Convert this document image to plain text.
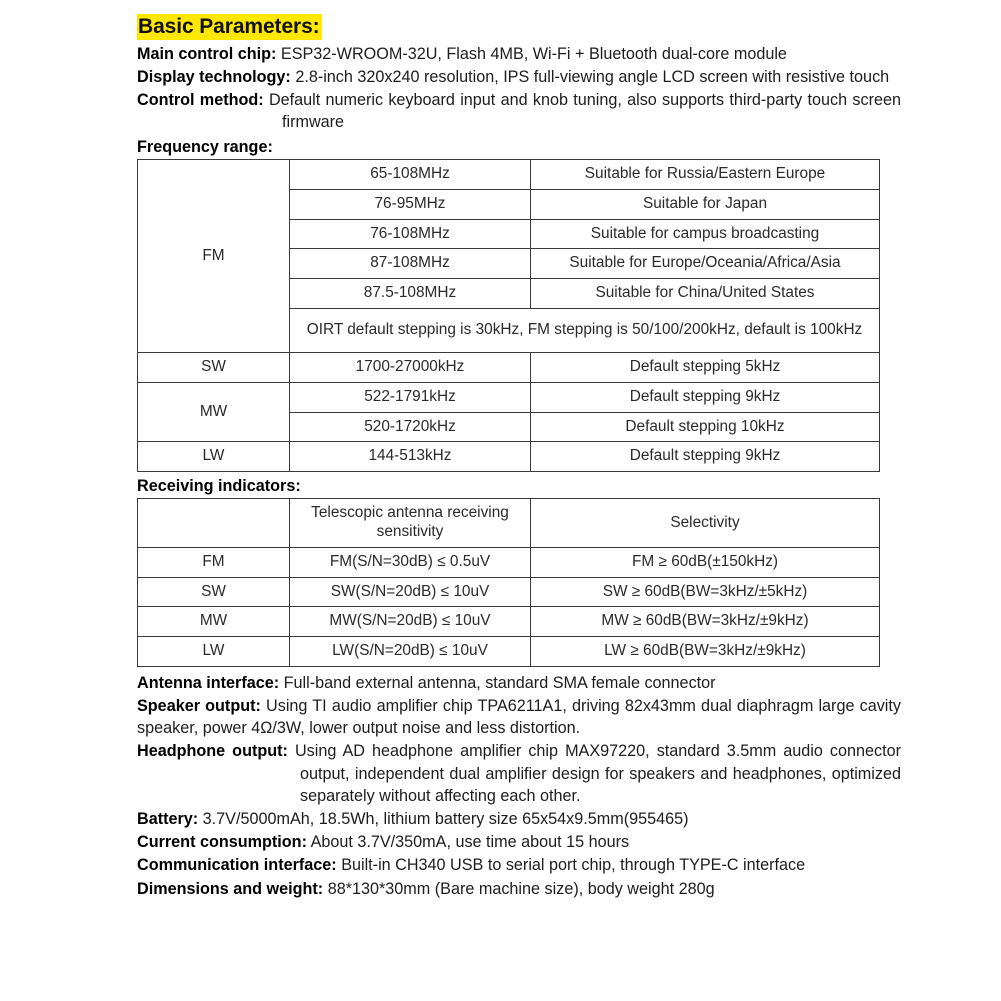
Basic Parameters:

Main control chip: ESP32-WROOM-32U, Flash 4MB, Wi-Fi + Bluetooth dual-core module

Display technology: 2.8-inch 320x240 resolution, IPS full-viewing angle LCD screen with resistive touch

Control method: Default numeric keyboard input and knob tuning, also supports third-party touch screen firmware

Frequency range:
FM	65-108MHz	Suitable for Russia/Eastern Europe
	76-95MHz	Suitable for Japan
	76-108MHz	Suitable for campus broadcasting
	87-108MHz	Suitable for Europe/Oceania/Africa/Asia
	87.5-108MHz	Suitable for China/United States
	OIRT default stepping is 30kHz, FM stepping is 50/100/200kHz, default is 100kHz	
SW	1700-27000kHz	Default stepping 5kHz
MW	522-1791kHz	Default stepping 9kHz
	520-1720kHz	Default stepping 10kHz
LW	144-513kHz	Default stepping 9kHz
Receiving indicators:
	Telescopic antenna receiving sensitivity	Selectivity
FM	FM(S/N=30dB) ≤ 0.5uV	FM ≥ 60dB(±150kHz)
SW	SW(S/N=20dB) ≤ 10uV	SW ≥ 60dB(BW=3kHz/±5kHz)
MW	MW(S/N=20dB) ≤ 10uV	MW ≥ 60dB(BW=3kHz/±9kHz)
LW	LW(S/N=20dB) ≤ 10uV	LW ≥ 60dB(BW=3kHz/±9kHz)

Antenna interface: Full-band external antenna, standard SMA female connector

Speaker output: Using TI audio amplifier chip TPA6211A1, driving 82x43mm dual diaphragm large cavity speaker, power 4Ω/3W, lower output noise and less distortion.

Headphone output: Using AD headphone amplifier chip MAX97220, standard 3.5mm audio connector output, independent dual amplifier design for speakers and headphones, optimized separately without affecting each other.

Battery: 3.7V/5000mAh, 18.5Wh, lithium battery size 65x54x9.5mm(955465)

Current consumption: About 3.7V/350mA, use time about 15 hours

Communication interface: Built-in CH340 USB to serial port chip, through TYPE-C interface

Dimensions and weight: 88*130*30mm (Bare machine size), body weight 280g
